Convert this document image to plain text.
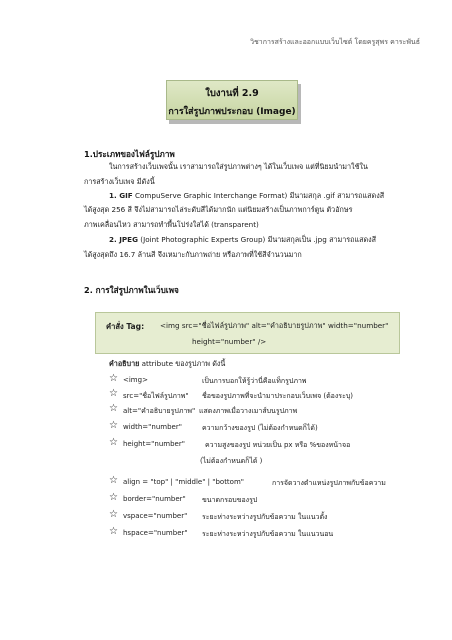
วิชาการสร้างและออกแบบเว็บไซต์ โดยครูสุพร คาระพันธ์
ใบงานที่ 2.9
การใส่รูปภาพประกอบ (Image)
1.ประเภทของไฟล์รูปภาพ
ในการสร้างเว็บเพจนั้น เราสามารถใส่รูปภาพต่างๆ ได้ในเว็บเพจ แต่ที่นิยมนำมาใช้ใน
การสร้างเว็บเพจ มีดังนี้
1. GIF CompuServe Graphic Interchange Format) มีนามสกุล .gif สามารถแสดงสี
ได้สูงสุด 256 สี จึงไม่สามารถไล่ระดับสีได้มากนัก แต่นิยมสร้างเป็นภาพการ์ตูน ตัวอักษร
ภาพเคลื่อนไหว สามารถทำพื้นโปร่งใสได้ (transparent)
2. JPEG (Joint Photographic Experts Group) มีนามสกุลเป็น .jpg สามารถแสดงสี
ได้สูงสุดถึง 16.7 ล้านสี จึงเหมาะกับภาพถ่าย หรือภาพที่ใช้สีจำนวนมาก
2. การใส่รูปภาพในเว็บเพจ
คำสั่ง Tag: <img src="ชื่อไฟล์รูปภาพ" alt="คำอธิบายรูปภาพ" width="number"
height="number" />
คำอธิบาย attribute ของรูปภาพ ดังนี้
☆ <img>	เป็นการบอกให้รู้ว่านี่คือแท็กรูปภาพ
☆ src="ชื่อไฟล์รูปภาพ" ชื่อของรูปภาพที่จะนำมาประกอบเว็บเพจ (ต้องระบุ)
☆ alt="คำอธิบายรูปภาพ" แสดงภาพเมื่อวางเมาส์บนรูปภาพ
☆ width="number"	ความกว้างของรูป (ไม่ต้องกำหนดก็ได้)
☆ height="number"	ความสูงของรูป หน่วยเป็น px หรือ %ของหน้าจอ
(ไม่ต้องกำหนดก็ได้ )
☆ align = "top" | "middle" | "bottom"	การจัดวางตำแหน่งรูปภาพกับข้อความ
☆ border="number" ขนาดกรอบของรูป
☆ vspace="number" ระยะห่างระหว่างรูปกับข้อความ ในแนวตั้ง
☆ hspace="number" ระยะห่างระหว่างรูปกับข้อความ ในแนวนอน
